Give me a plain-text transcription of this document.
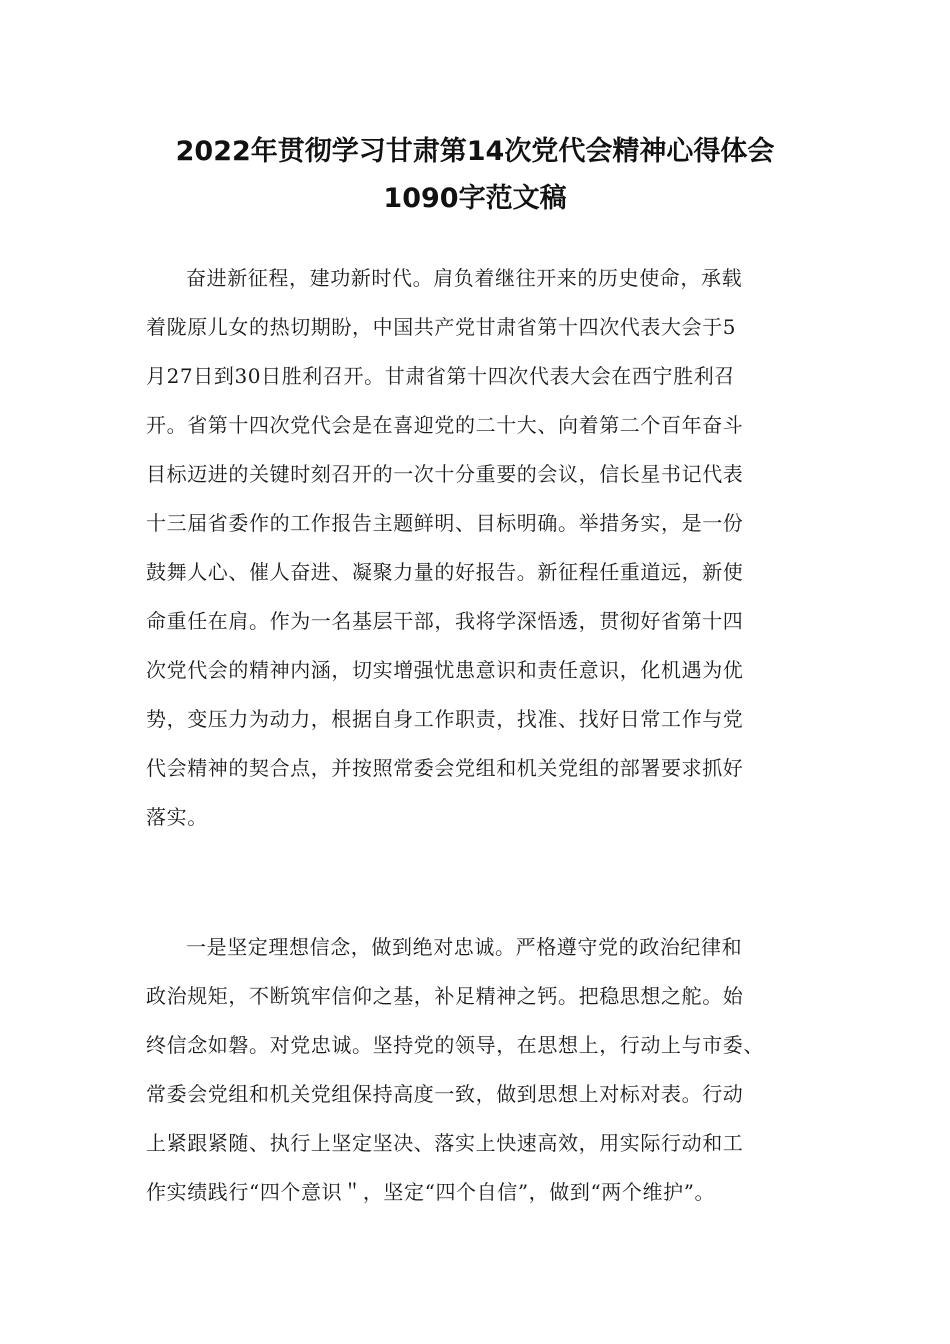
2022年贯彻学习甘肃第14次党代会精神心得体会
1090字范文稿
奋进新征程，建功新时代。肩负着继往开来的历史使命，承载
着陇原儿女的热切期盼，中国共产党甘肃省第十四次代表大会于5
月27日到30日胜利召开。甘肃省第十四次代表大会在西宁胜利召
开。省第十四次党代会是在喜迎党的二十大、向着第二个百年奋斗
目标迈进的关键时刻召开的一次十分重要的会议，信长星书记代表
十三届省委作的工作报告主题鲜明、目标明确。举措务实，是一份
鼓舞人心、催人奋进、凝聚力量的好报告。新征程任重道远，新使
命重任在肩。作为一名基层干部，我将学深悟透，贯彻好省第十四
次党代会的精神内涵，切实增强忧患意识和责任意识，化机遇为优
势，变压力为动力，根据自身工作职责，找准、找好日常工作与党
代会精神的契合点，并按照常委会党组和机关党组的部署要求抓好
落实。
一是坚定理想信念，做到绝对忠诚。严格遵守党的政治纪律和
政治规矩，不断筑牢信仰之基，补足精神之钙。把稳思想之舵。始
终信念如磐。对党忠诚。坚持党的领导，在思想上，行动上与市委、
常委会党组和机关党组保持高度一致，做到思想上对标对表。行动
上紧跟紧随、执行上坚定坚决、落实上快速高效，用实际行动和工
作实绩践行“四个意识＂，坚定“四个自信”，做到“两个维护”。
